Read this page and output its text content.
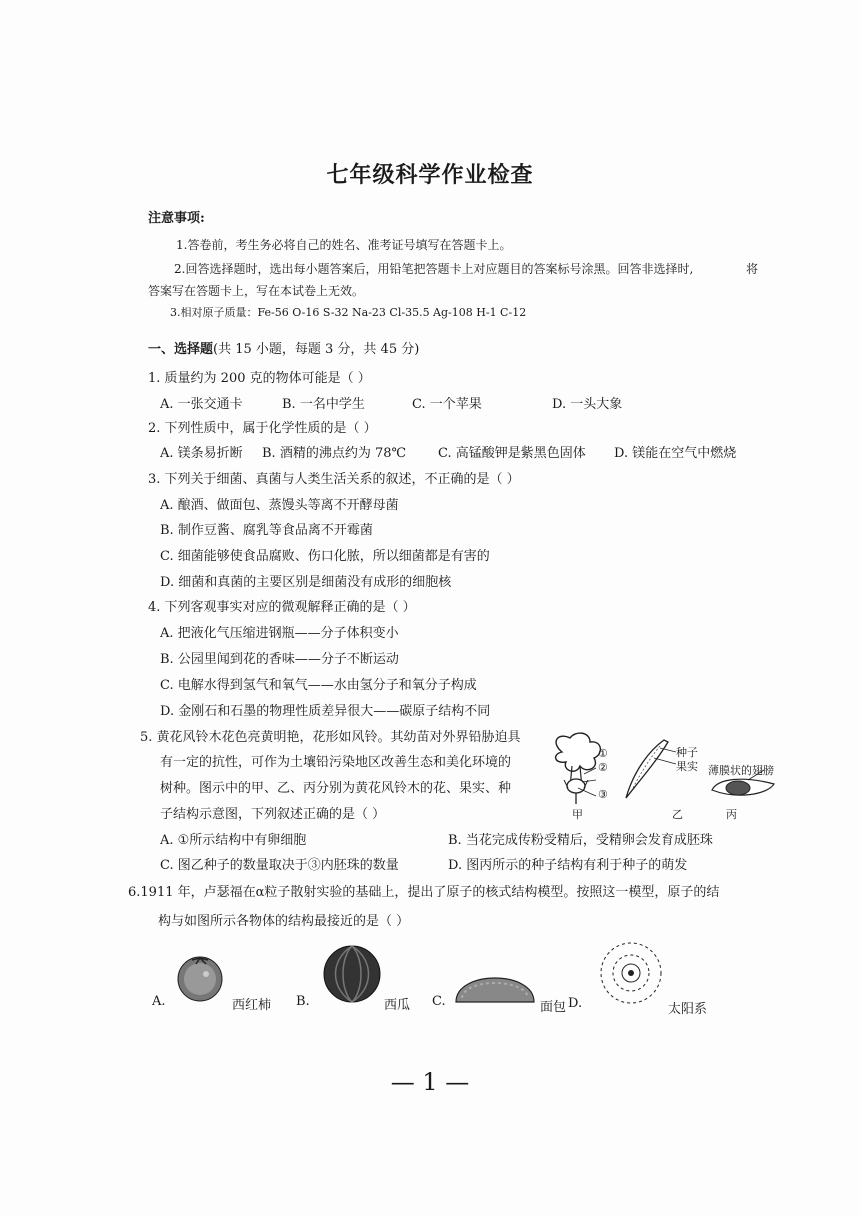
七年级科学作业检查
注意事项:
1.答卷前，考生务必将自己的姓名、准考证号填写在答题卡上。
2.回答选择题时，选出每小题答案后，用铅笔把答题卡上对应题目的答案标号涂黑。回答非选择时,	将
答案写在答题卡上，写在本试卷上无效。
3.相对原子质量：Fe-56 O-16 S-32 Na-23 Cl-35.5 Ag-108 H-1 C-12
一、选择题(共 15 小题，每题 3 分，共 45 分)
1. 质量约为 200 克的物体可能是（ ）
A. 一张交通卡	B. 一名中学生	C. 一个苹果	D. 一头大象
2. 下列性质中，属于化学性质的是（ ）
A. 镁条易折断 B. 酒精的沸点约为 78℃ C. 高锰酸钾是紫黑色固体 D. 镁能在空气中燃烧
3. 下列关于细菌、真菌与人类生活关系的叙述，不正确的是（ ）
A. 酿酒、做面包、蒸馒头等离不开酵母菌
B. 制作豆酱、腐乳等食品离不开霉菌
C. 细菌能够使食品腐败、伤口化脓，所以细菌都是有害的
D. 细菌和真菌的主要区别是细菌没有成形的细胞核
4. 下列客观事实对应的微观解释正确的是（ ）
A. 把液化气压缩进钢瓶——分子体积变小
B. 公园里闻到花的香味——分子不断运动
C. 电解水得到氢气和氧气——水由氢分子和氧分子构成
D. 金刚石和石墨的物理性质差异很大——碳原子结构不同
5. 黄花风铃木花色亮黄明艳，花形如风铃。其幼苗对外界铅胁迫具
有一定的抗性，可作为土壤铅污染地区改善生态和美化环境的
树种。图示中的甲、乙、丙分别为黄花风铃木的花、果实、种
子结构示意图，下列叙述正确的是（ ）
①
②
③
甲
种子
果实
乙
薄膜状的翅膀
丙
A. ①所示结构中有卵细胞	B. 当花完成传粉受精后，受精卵会发育成胚珠
C. 图乙种子的数量取决于③内胚珠的数量	D. 图丙所示的种子结构有利于种子的萌发
6.1911 年，卢瑟福在α粒子散射实验的基础上，提出了原子的核式结构模型。按照这一模型，原子的结
构与如图所示各物体的结构最接近的是（ ）
A.	西红柿 B.	西瓜 C.	面包 D.	太阳系
— 1 —
